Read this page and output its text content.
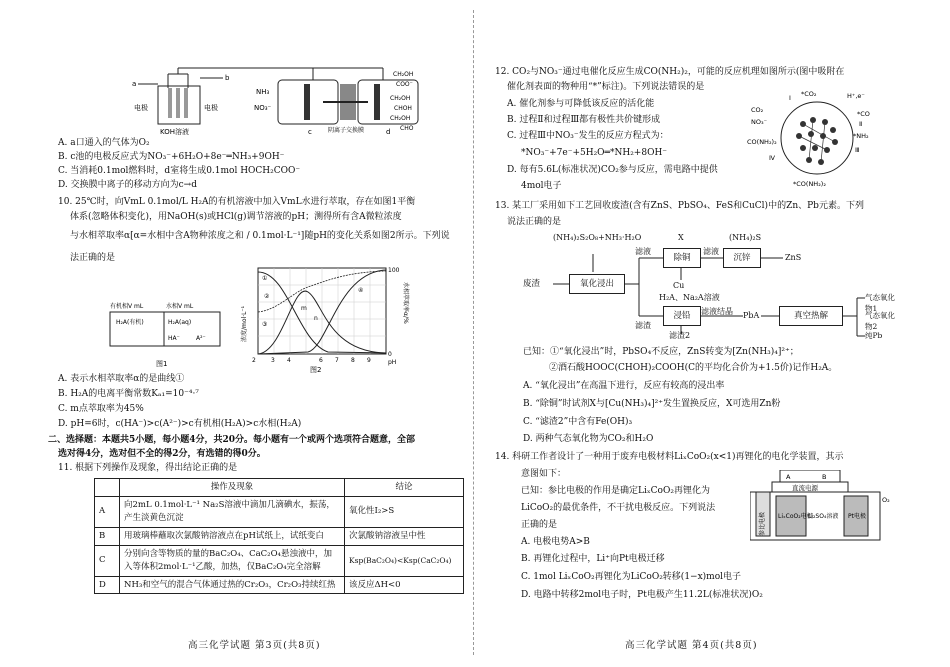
a
b
电极	电极
KOH溶液
NH₃
NO₃⁻
c	阴离子交换膜	d
CH₂OH
COO⁻
CH₂OH
CHOH
CH₂OH
CHO
A. a口通入的气体为O₂
B. c池的电极反应式为NO₃⁻+6H₂O+8e⁻═NH₃+9OH⁻
C. 当消耗0.1mol燃料时，d室将生成0.1mol HOCH₂COO⁻
D. 交换膜中离子的移动方向为c→d
10. 25℃时，向VmL 0.1mol/L H₂A的有机溶液中加入VmL水进行萃取，存在如图1平衡
体系(忽略体积变化)，用NaOH(s)或HCl(g)调节溶液的pH；测得所有含A微粒浓度
与水相萃取率α[α=水相中含A物种浓度之和 / 0.1mol·L⁻¹]随pH的变化关系如图2所示。下列说
法正确的是
有机相V mL	水相V mL
H₂A(有机)	H₂A(aq)
HA⁻	A²⁻
图1
①
②
③
④
m
n
浓度/mol·L⁻¹
水相萃取率α/%
pH
图2
2	3 4	6 7 8 9
0
100
A. 表示水相萃取率α的是曲线①
B. H₂A的电离平衡常数Kₐ₁=10⁻⁴·⁷
C. m点萃取率为45%
D. pH=6时，c(HA⁻)>c(A²⁻)>c有机相(H₂A)>c水相(H₂A)
二、选择题：本题共5小题，每小题4分，共20分。每小题有一个或两个选项符合题意，全部
选对得4分，选对但不全的得2分，有选错的得0分。
11. 根据下列操作及现象，得出结论正确的是
	操作及现象	结论
A	向2mL 0.1mol·L⁻¹ Na₂S溶液中滴加几滴碘水，振荡，产生淡黄色沉淀	氧化性I₂>S
B	用玻璃棒蘸取次氯酸钠溶液点在pH试纸上，试纸变白	次氯酸钠溶液呈中性
C	分别向含等物质的量的BaC₂O₄、CaC₂O₄悬浊液中，加入等体积2mol·L⁻¹乙酸，加热，仅BaC₂O₄完全溶解	Ksp(BaC₂O₄)<Ksp(CaC₂O₄)
D	NH₃和空气的混合气体通过热的Cr₂O₃，Cr₂O₃持续红热	该反应ΔH<0
高三化学试题 第3页(共8页)
12. CO₂与NO₃⁻通过电催化反应生成CO(NH₂)₂，可能的反应机理如图所示(图中吸附在
催化剂表面的物种用“*”标注)。下列说法错误的是
A. 催化剂参与可降低该反应的活化能
B. 过程Ⅱ和过程Ⅲ都有极性共价键形成
C. 过程Ⅲ中NO₃⁻发生的反应方程式为：
*NO₃⁻+7e⁻+5H₂O═*NH₂+8OH⁻
D. 每有5.6L(标准状况)CO₂参与反应，需电路中提供
4mol电子
*CO₂
I	H⁺,e⁻
CO₂
NO₃⁻
*CO
Ⅱ
*NH₂
Ⅲ
CO(NH₂)₂
Ⅳ
*CO(NH₂)₂
13. 某工厂采用如下工艺回收废渣(含有ZnS、PbSO₄、FeS和CuCl)中的Zn、Pb元素。下列
说法正确的是
(NH₄)₂S₂O₈+NH₃·H₂O
废渣	氧化浸出
滤液
X	(NH₄)₂S
除铜
Cu
滤液
沉锌	ZnS
H₂A、Na₂A溶液
滤渣
浸铅	滤液结晶 PbA	真空热解
气态氧化物1
气态氧化物2
纯Pb
滤渣2
已知：①“氧化浸出”时，PbSO₄不反应，ZnS转变为[Zn(NH₃)₄]²⁺；
②酒石酸HOOC(CHOH)₂COOH(C的平均化合价为+1.5价)记作H₂A。
A. “氧化浸出”在高温下进行，反应有较高的浸出率
B. “除铜”时试剂X与[Cu(NH₃)₄]²⁺发生置换反应，X可选用Zn粉
C. “滤渣2”中含有Fe(OH)₃
D. 两种气态氧化物为CO₂和H₂O
14. 科研工作者设计了一种用于废弃电极材料LiₓCoO₂(x<1)再锂化的电化学装置，其示
意图如下：
已知：参比电极的作用是确定LiₓCoO₂再锂化为
LiCoO₂的最优条件，不干扰电极反应。下列说法
正确的是
A. 电极电势A>B
B. 再锂化过程中，Li⁺向Pt电极迁移
C. 1mol LiₓCoO₂再锂化为LiCoO₂转移(1−x)mol电子
D. 电路中转移2mol电子时，Pt电极产生11.2L(标准状况)O₂
A	B
直流电源
参比电极 LiₓCoO₂电极
Li₂SO₄溶液 Pt电极
O₂
高三化学试题 第4页(共8页)
